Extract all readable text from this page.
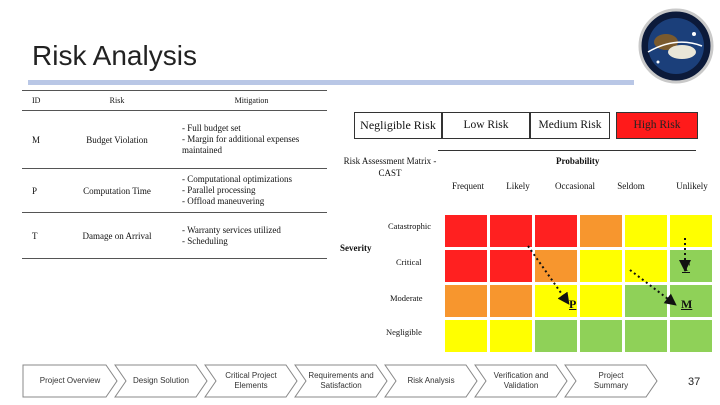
Risk Analysis
ID	Risk	Mitigation
M	Budget Violation	- Full budget set
- Margin for additional expenses
maintained

P	Computation Time	- Computational optimizations
- Parallel processing
- Offload maneuvering

T	Damage on Arrival	- Warranty services utilized
- Scheduling
Negligible Risk	Low Risk	Medium Risk	High Risk
Risk Assessment Matrix - CAST
Probability
Frequent	Likely	Occasional	Seldom	Unlikely
Severity
Catastrophic
Critical
Moderate
Negligible
T
P	M
Project Overview	Design Solution
Critical Project Elements
Requirements and Satisfaction
Risk Analysis
Verification and Validation
Project Summary	37
